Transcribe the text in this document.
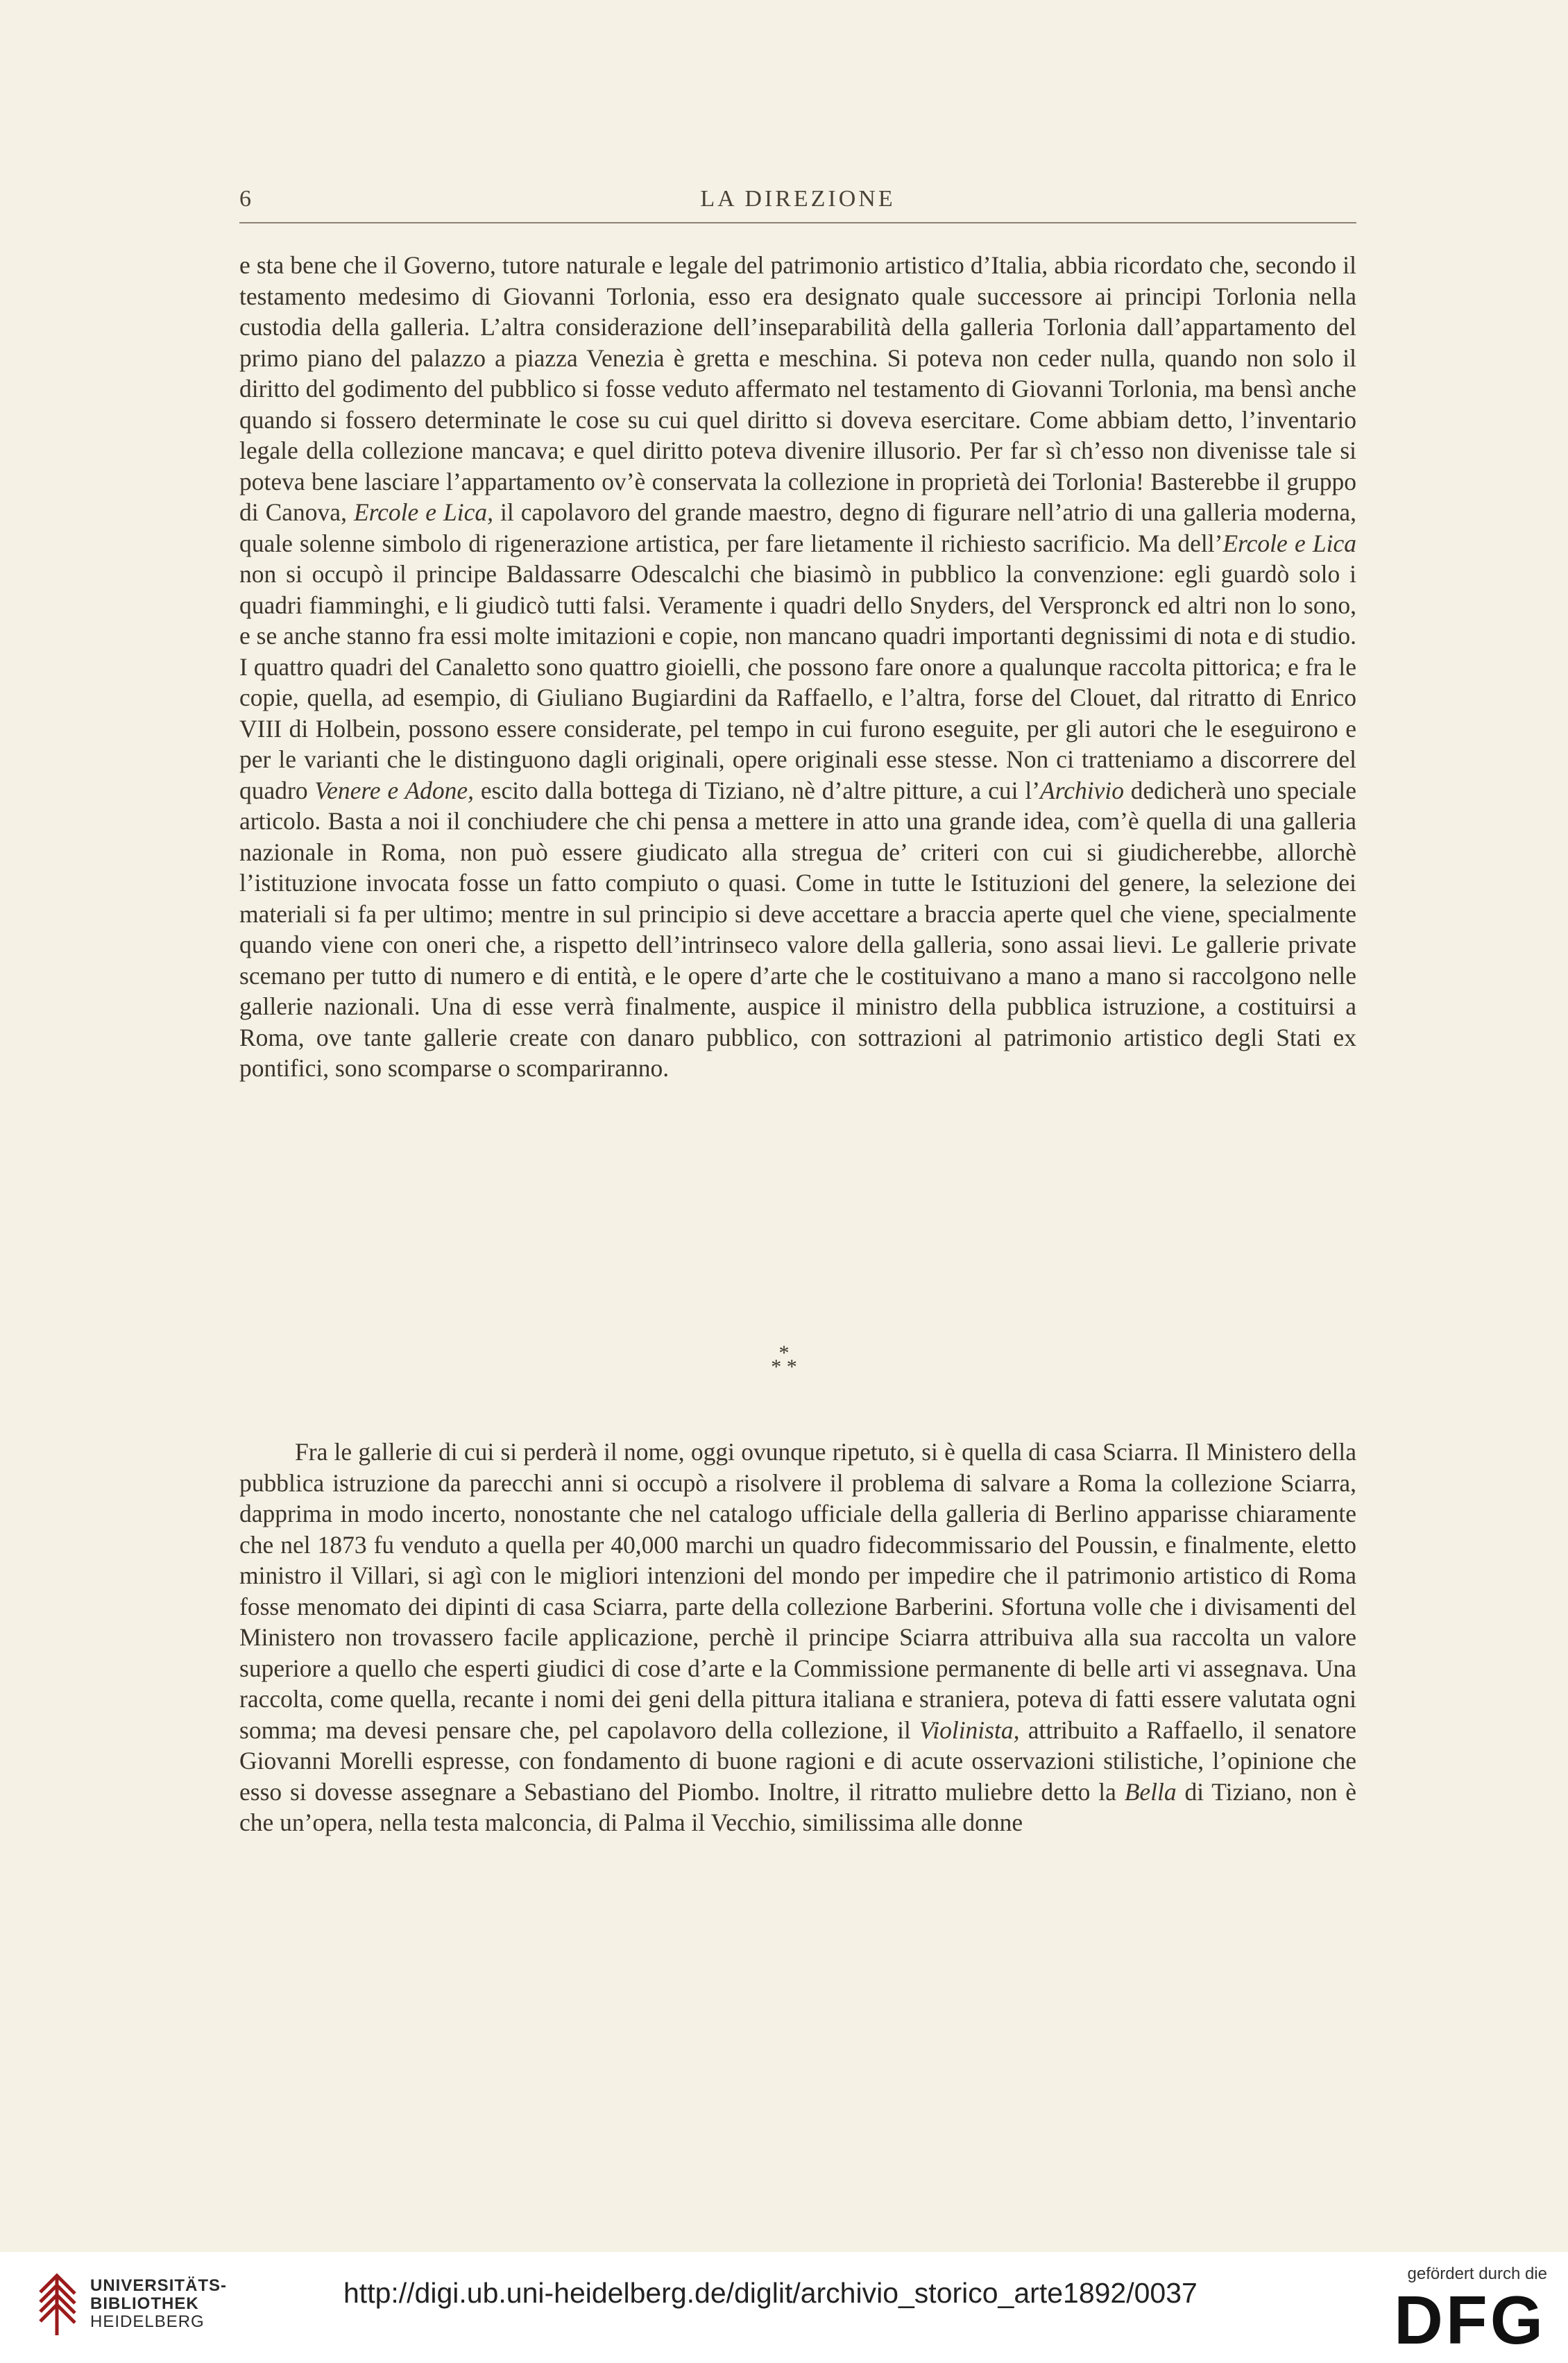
6	LA DIREZIONE

e sta bene che il Governo, tutore naturale e legale del patrimonio artistico d’Italia, abbia ricordato che, secondo il testamento medesimo di Giovanni Torlonia, esso era designato quale successore ai principi Torlonia nella custodia della galleria. L’altra considerazione dell’inseparabilità della galleria Torlonia dall’appartamento del primo piano del palazzo a piazza Venezia è gretta e meschina. Si poteva non ceder nulla, quando non solo il diritto del godimento del pubblico si fosse veduto affermato nel testamento di Giovanni Torlonia, ma bensì anche quando si fossero determinate le cose su cui quel diritto si doveva esercitare. Come abbiam detto, l’inventario legale della collezione mancava; e quel diritto poteva divenire illusorio. Per far sì ch’esso non divenisse tale si poteva bene lasciare l’appartamento ov’è conservata la collezione in proprietà dei Torlonia! Basterebbe il gruppo di Canova, Ercole e Lica, il capolavoro del grande maestro, degno di figurare nell’atrio di una galleria moderna, quale solenne simbolo di rigenerazione artistica, per fare lietamente il richiesto sacrificio. Ma dell’Ercole e Lica non si occupò il principe Baldassarre Odescalchi che biasimò in pubblico la convenzione: egli guardò solo i quadri fiamminghi, e li giudicò tutti falsi. Veramente i quadri dello Snyders, del Verspronck ed altri non lo sono, e se anche stanno fra essi molte imitazioni e copie, non mancano quadri importanti degnissimi di nota e di studio. I quattro quadri del Canaletto sono quattro gioielli, che possono fare onore a qualunque raccolta pittorica; e fra le copie, quella, ad esempio, di Giuliano Bugiardini da Raffaello, e l’altra, forse del Clouet, dal ritratto di Enrico VIII di Holbein, possono essere considerate, pel tempo in cui furono eseguite, per gli autori che le eseguirono e per le varianti che le distinguono dagli originali, opere originali esse stesse. Non ci tratteniamo a discorrere del quadro Venere e Adone, escito dalla bottega di Tiziano, nè d’altre pitture, a cui l’Archivio dedicherà uno speciale articolo. Basta a noi il conchiudere che chi pensa a mettere in atto una grande idea, com’è quella di una galleria nazionale in Roma, non può essere giudicato alla stregua de’ criteri con cui si giudicherebbe, allorchè l’istituzione invocata fosse un fatto compiuto o quasi. Come in tutte le Istituzioni del genere, la selezione dei materiali si fa per ultimo; mentre in sul principio si deve accettare a braccia aperte quel che viene, specialmente quando viene con oneri che, a rispetto dell’intrinseco valore della galleria, sono assai lievi. Le gallerie private scemano per tutto di numero e di entità, e le opere d’arte che le costituivano a mano a mano si raccolgono nelle gallerie nazionali. Una di esse verrà finalmente, auspice il ministro della pubblica istruzione, a costituirsi a Roma, ove tante gallerie create con danaro pubblico, con sottrazioni al patrimonio artistico degli Stati ex pontifici, sono scomparse o scompariranno.

*
* *

Fra le gallerie di cui si perderà il nome, oggi ovunque ripetuto, si è quella di casa Sciarra. Il Ministero della pubblica istruzione da parecchi anni si occupò a risolvere il problema di salvare a Roma la collezione Sciarra, dapprima in modo incerto, nonostante che nel catalogo ufficiale della galleria di Berlino apparisse chiaramente che nel 1873 fu venduto a quella per 40,000 marchi un quadro fidecommissario del Poussin, e finalmente, eletto ministro il Villari, si agì con le migliori intenzioni del mondo per impedire che il patrimonio artistico di Roma fosse menomato dei dipinti di casa Sciarra, parte della collezione Barberini. Sfortuna volle che i divisamenti del Ministero non trovassero facile applicazione, perchè il principe Sciarra attribuiva alla sua raccolta un valore superiore a quello che esperti giudici di cose d’arte e la Commissione permanente di belle arti vi assegnava. Una raccolta, come quella, recante i nomi dei geni della pittura italiana e straniera, poteva di fatti essere valutata ogni somma; ma devesi pensare che, pel capolavoro della collezione, il Violinista, attribuito a Raffaello, il senatore Giovanni Morelli espresse, con fondamento di buone ragioni e di acute osservazioni stilistiche, l’opinione che esso si dovesse assegnare a Sebastiano del Piombo. Inoltre, il ritratto muliebre detto la Bella di Tiziano, non è che un’opera, nella testa malconcia, di Palma il Vecchio, similissima alle donne

UNIVERSITÄTS-
BIBLIOTHEK
HEIDELBERG
http://digi.ub.uni-heidelberg.de/diglit/archivio_storico_arte1892/0037
gefördert durch die
DFG
